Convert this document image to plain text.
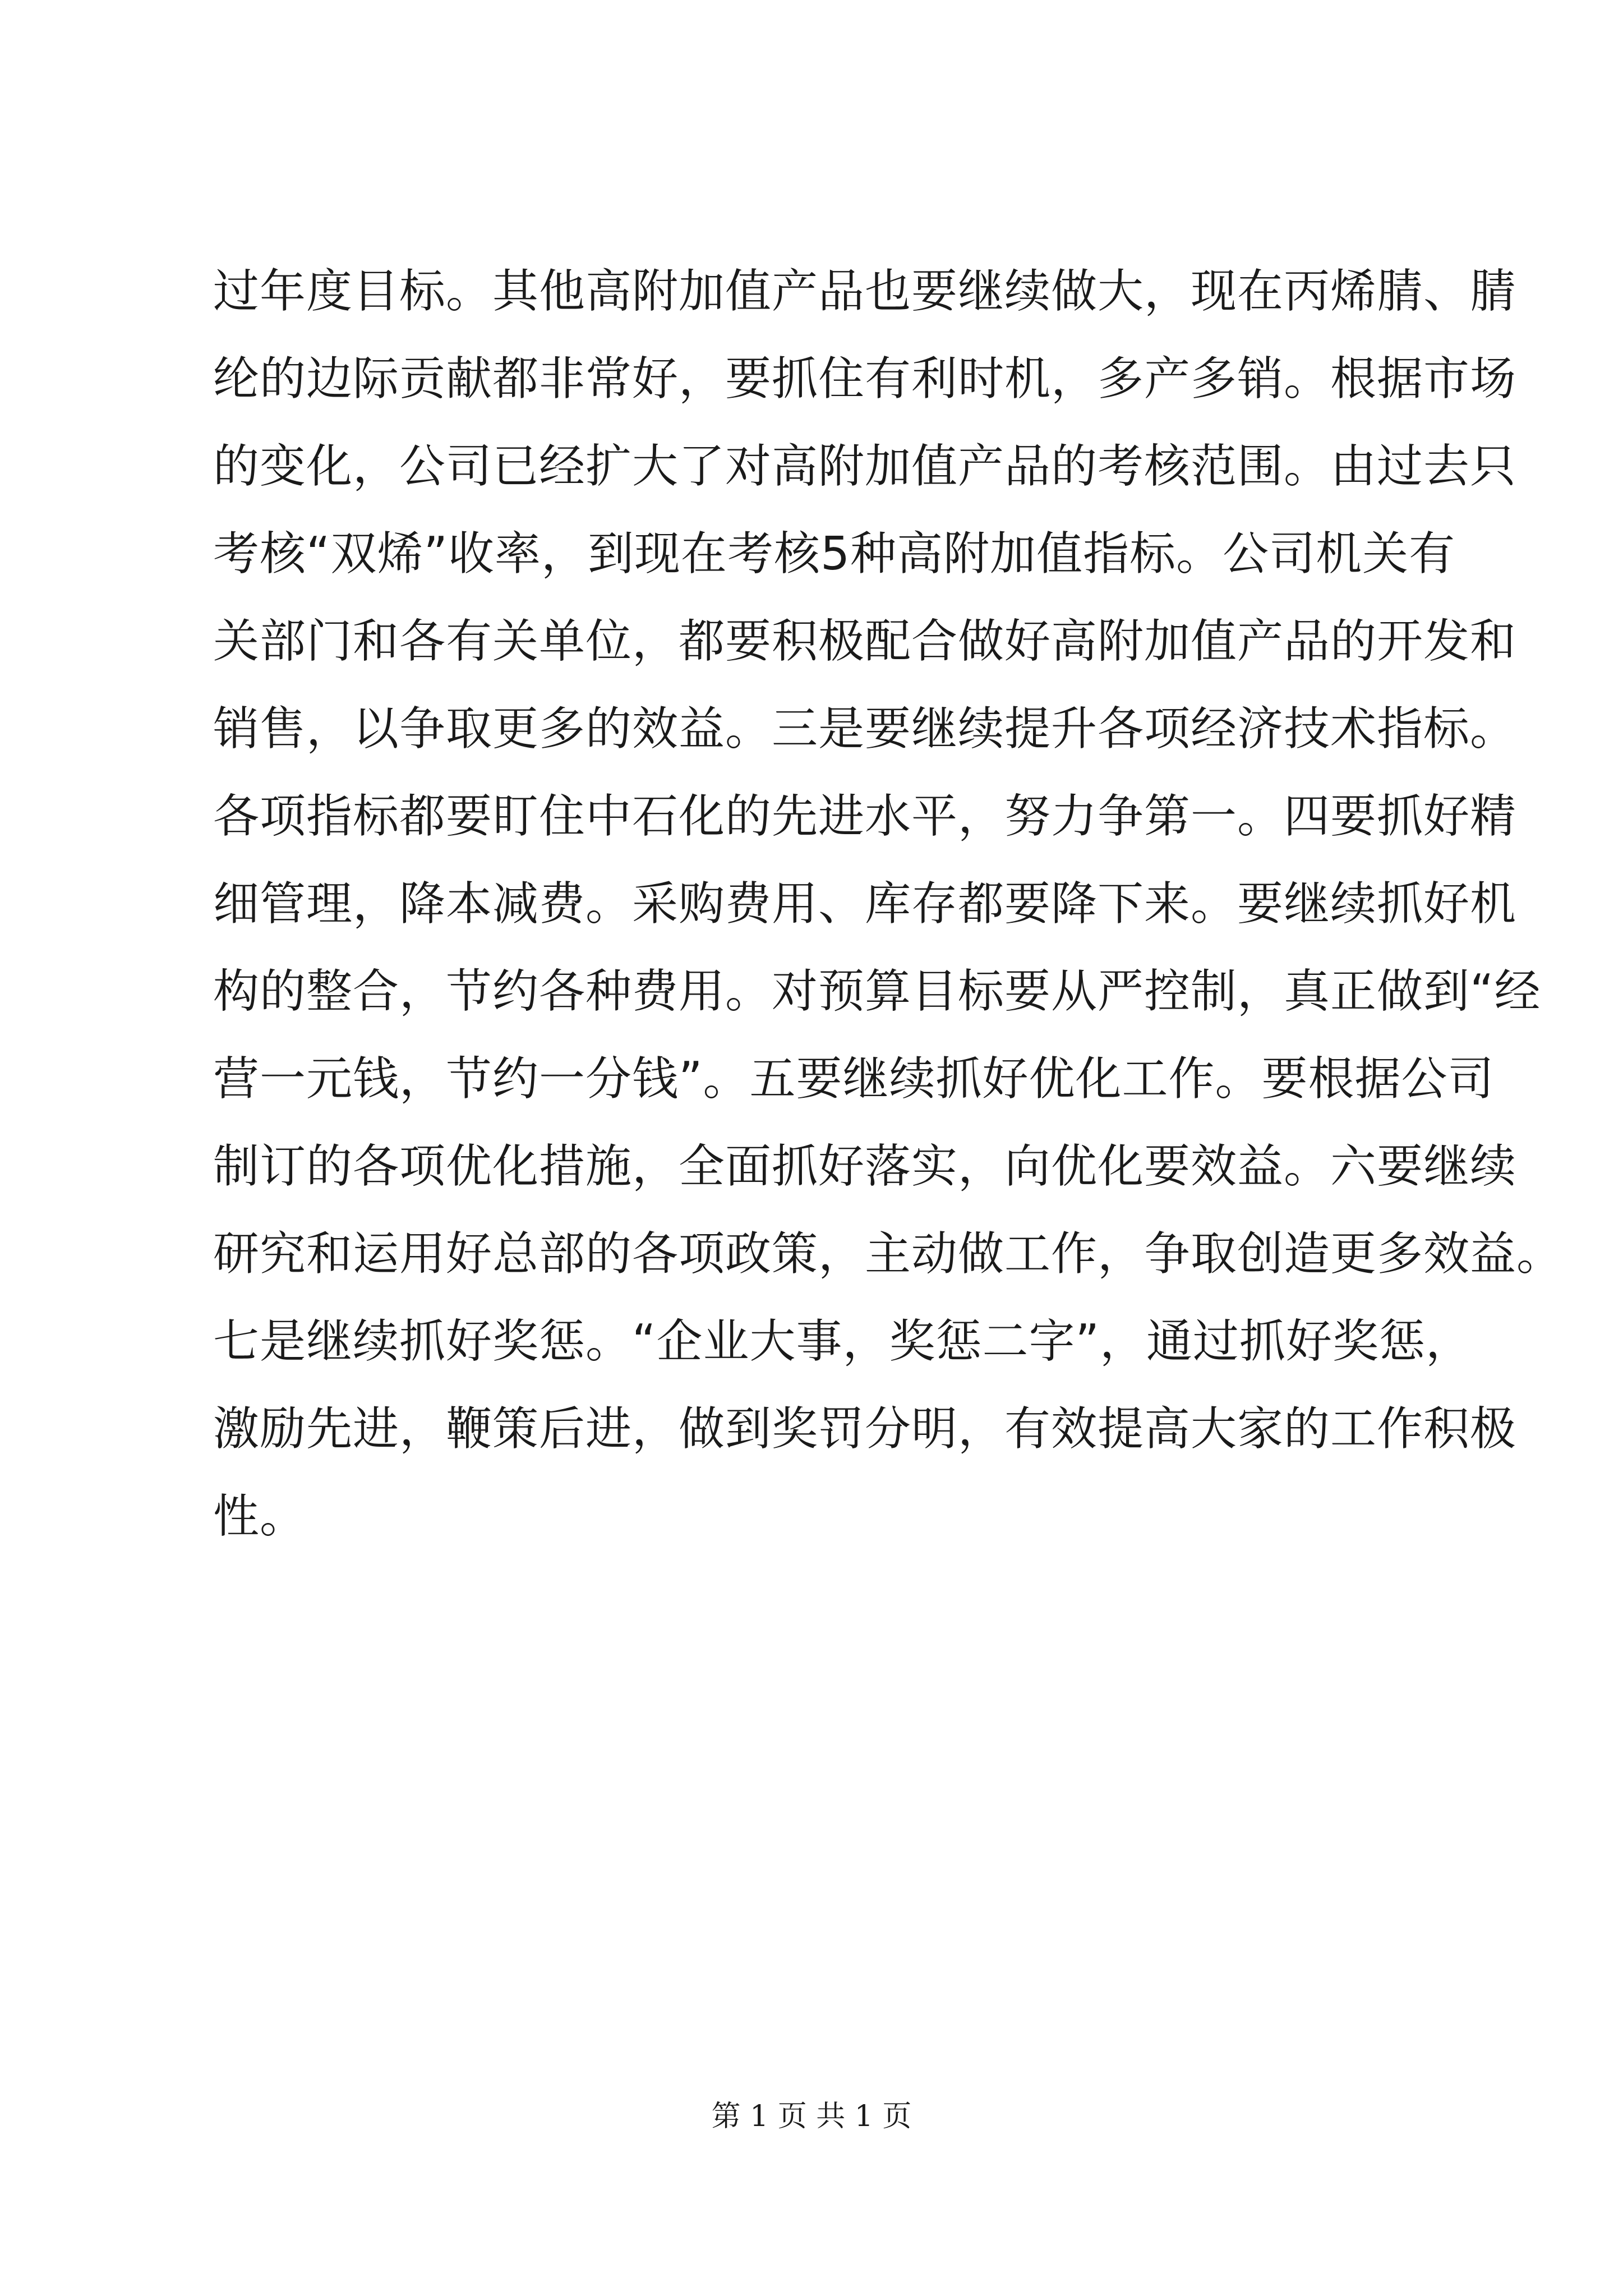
过年度目标。其他高附加值产品也要继续做大，现在丙烯腈、腈
纶的边际贡献都非常好，要抓住有利时机，多产多销。根据市场
的变化，公司已经扩大了对高附加值产品的考核范围。由过去只
考核“双烯”收率，到现在考核5种高附加值指标。公司机关有
关部门和各有关单位，都要积极配合做好高附加值产品的开发和
销售，以争取更多的效益。三是要继续提升各项经济技术指标。
各项指标都要盯住中石化的先进水平，努力争第一。四要抓好精
细管理，降本减费。采购费用、库存都要降下来。要继续抓好机
构的整合，节约各种费用。对预算目标要从严控制，真正做到“经
营一元钱，节约一分钱”。五要继续抓好优化工作。要根据公司
制订的各项优化措施，全面抓好落实，向优化要效益。六要继续
研究和运用好总部的各项政策，主动做工作，争取创造更多效益。
七是继续抓好奖惩。“企业大事，奖惩二字”，通过抓好奖惩，
激励先进，鞭策后进，做到奖罚分明，有效提高大家的工作积极
性。
第 1 页 共 1 页
